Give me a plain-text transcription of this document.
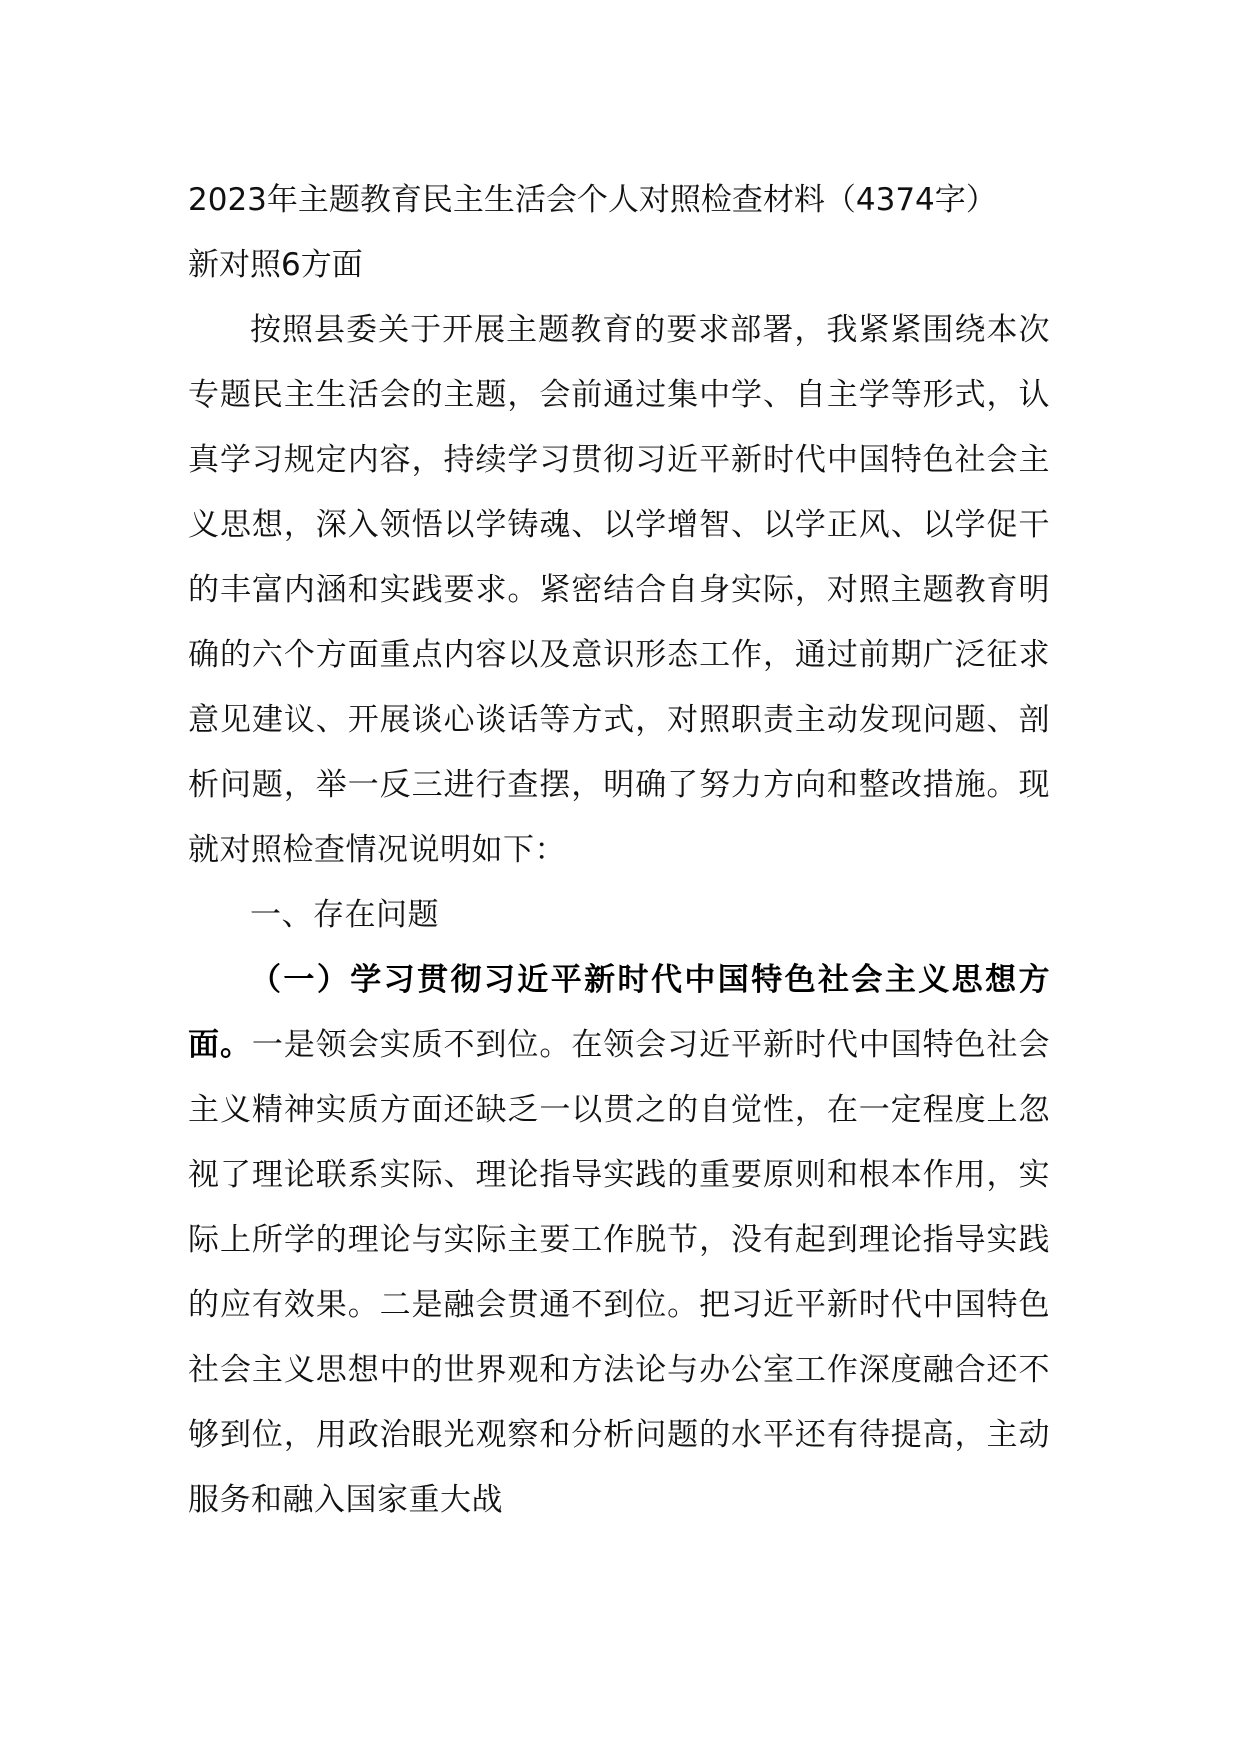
2023年主题教育民主生活会个人对照检查材料（4374字）

新对照6方面

按照县委关于开展主题教育的要求部署，我紧紧围绕本次专题民主生活会的主题，会前通过集中学、自主学等形式，认真学习规定内容，持续学习贯彻习近平新时代中国特色社会主义思想，深入领悟以学铸魂、以学增智、以学正风、以学促干的丰富内涵和实践要求。紧密结合自身实际，对照主题教育明确的六个方面重点内容以及意识形态工作，通过前期广泛征求意见建议、开展谈心谈话等方式，对照职责主动发现问题、剖析问题，举一反三进行查摆，明确了努力方向和整改措施。现就对照检查情况说明如下：

一、存在问题

（一）学习贯彻习近平新时代中国特色社会主义思想方面。一是领会实质不到位。在领会习近平新时代中国特色社会主义精神实质方面还缺乏一以贯之的自觉性，在一定程度上忽视了理论联系实际、理论指导实践的重要原则和根本作用，实际上所学的理论与实际主要工作脱节，没有起到理论指导实践的应有效果。二是融会贯通不到位。把习近平新时代中国特色社会主义思想中的世界观和方法论与办公室工作深度融合还不够到位，用政治眼光观察和分析问题的水平还有待提高，主动服务和融入国家重大战
